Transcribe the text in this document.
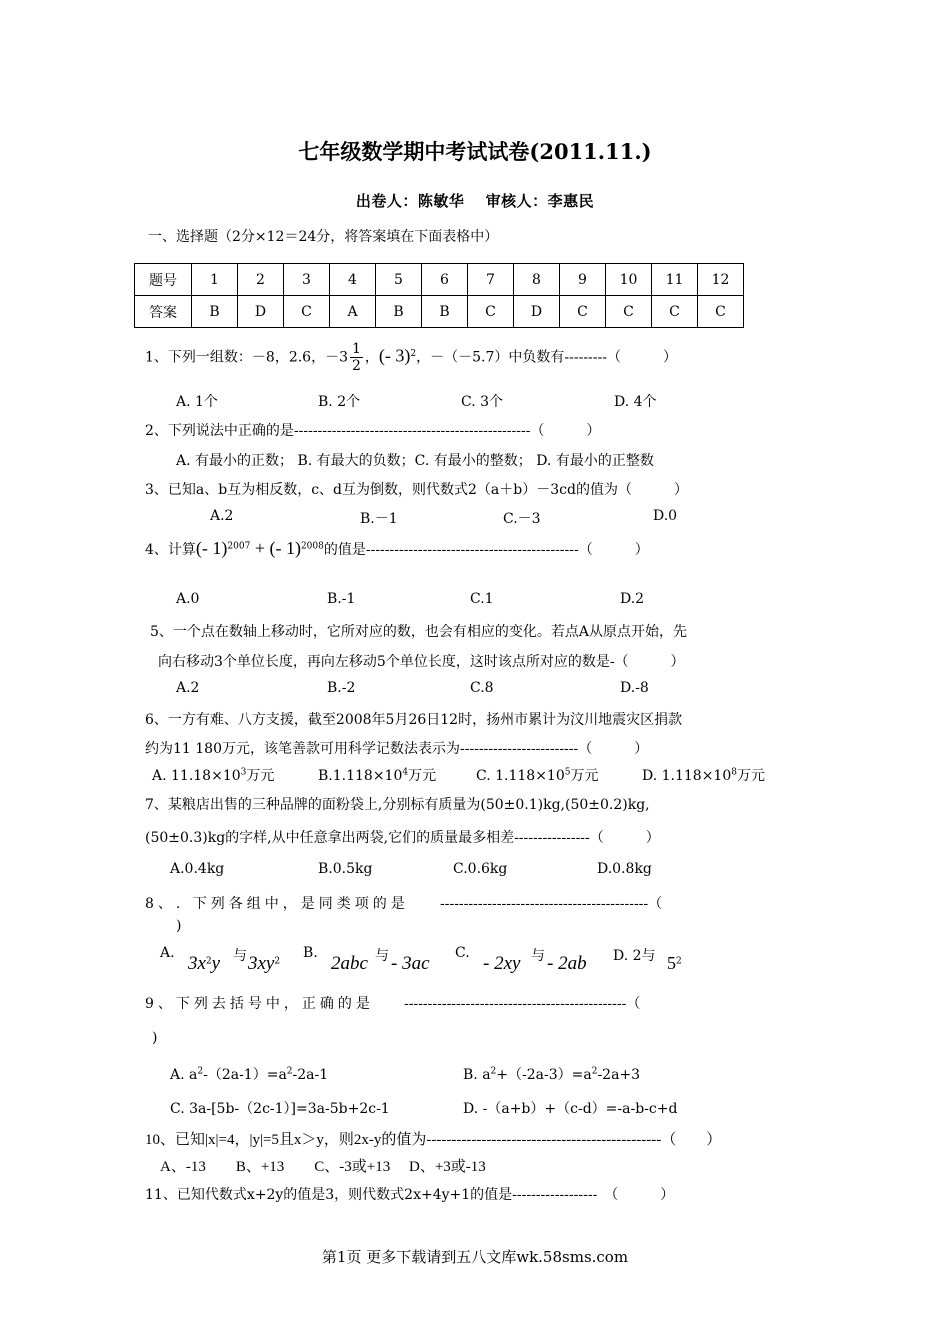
七年级数学期中考试试卷(2011.11.)
出卷人：陈敏华　 审核人：李惠民
一、选择题（2分×12＝24分，将答案填在下面表格中）
题号	1	2	3	4	5	6	7	8	9	10	11	12
答案	B	D	C	A	B	B	C	D	C	C	C	C
1、下列一组数：－8，2.6，$-3 \frac{1}{2}$ ，(- 3)$^2$，－（－5.7）中负数有---------（　　　）
A. 1个	B. 2个	C. 3个	D. 4个
2、下列说法中正确的是--------------------------------------------------（　　　）
A. 有最小的正数； B. 有最大的负数；C. 有最小的整数； D. 有最小的正整数
3、已知a、b互为相反数，c、d互为倒数，则代数式2（a＋b）－3cd的值为（　　　）
A.2	B.－1	C.－3	D.0
4、计算(- 1)$^{2007}$ + (- 1)$^{2008}$的值是---------------------------------------------（　　　）
A.0	B.-1	C.1	D.2
5、一个点在数轴上移动时，它所对应的数，也会有相应的变化。若点A从原点开始，先
向右移动3个单位长度，再向左移动5个单位长度，这时该点所对应的数是-（　　　）
A.2	B.-2	C.8	D.-8
6、一方有难、八方支援，截至2008年5月26日12时，扬州市累计为汶川地震灾区捐款
约为11 180万元，该笔善款可用科学记数法表示为-------------------------（　　　）
A. $11.18\times 10^3$万元	$B.1.118\times 10^4$万元	C. $1.118\times 10^5$万元	D. $1.118\times 10^8$万元
7、某粮店出售的三种品牌的面粉袋上,分别标有质量为(50±0.1)kg,(50±0.2)kg,
(50±0.3)kg的字样,从中任意拿出两袋,它们的质量最多相差----------------（　　　）
A.0.4kg	B.0.5kg	C.0.6kg	D.0.8kg
8、. 下列各组中，是同类项的是 --------------------------------------------（
)
A. $3x^2y$ 与 $3xy^2$
B. 2abc 与 - 3ac C. - 2xy 与 - 2ab D. 2与 $5^2$
9、下列去括号中，正确的是 -----------------------------------------------（
)
A. $a^2-(2a-1)=a^2-2a-1$	B. $a^2+(-2a-3)=a^2-2a+3$
C. 3a-[5b-（2c-1）]=3a-5b+2c-1	D. -（a+b）+（c-d）=-a-b-c+d
10、已知|x|=4，|y|=5且x＞y，则2x-y的值为-----------------------------------------------（　　）
A、-13　　B、+13　　C、-3或+13　 D、+3或-13
11、已知代数式x+2y的值是3，则代数式2x+4y+1的值是------------------　（　　　）
第1页 更多下载请到五八文库wk.58sms.com
